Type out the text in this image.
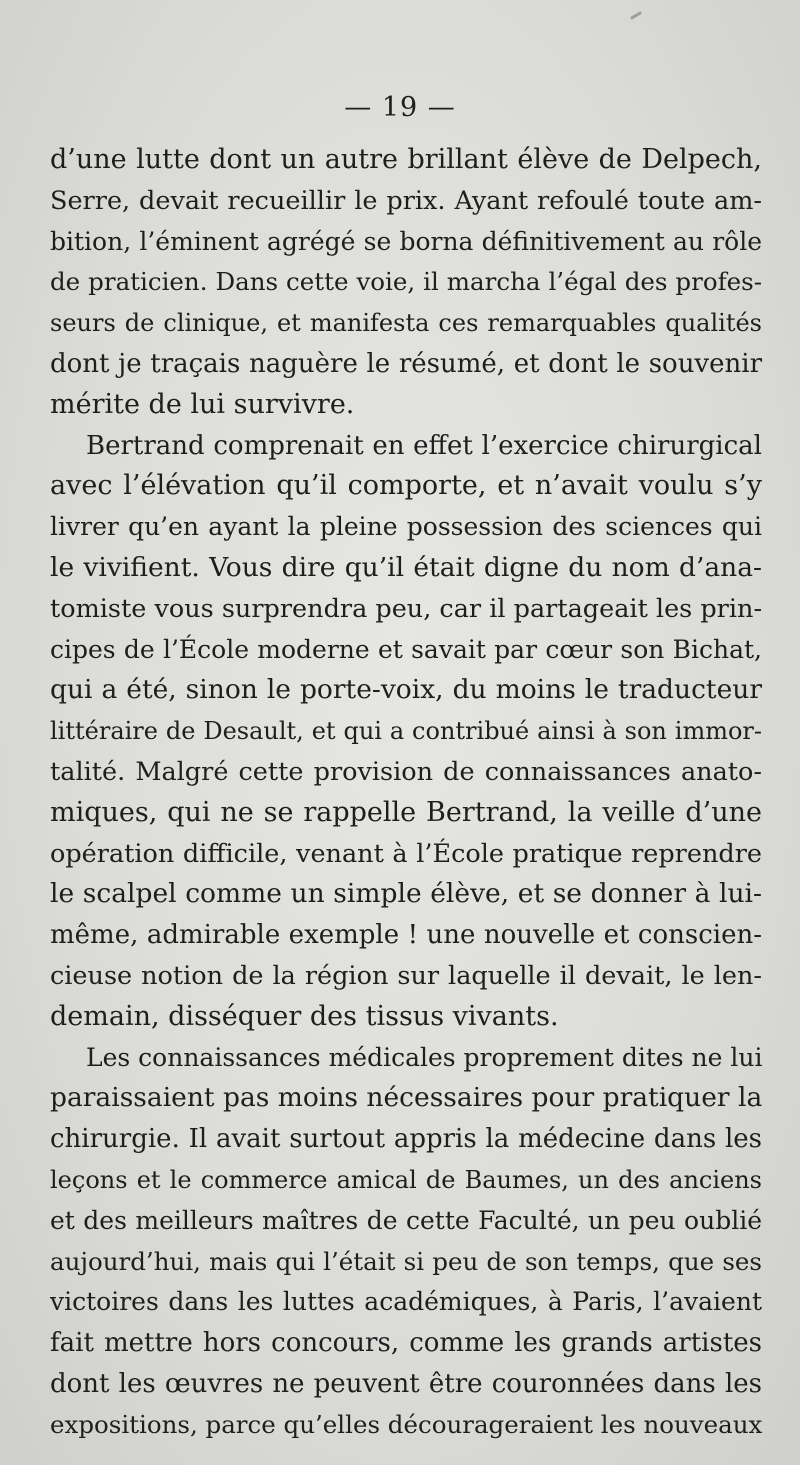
— 19 —
d’une lutte dont un autre brillant élève de Delpech,
Serre, devait recueillir le prix. Ayant refoulé toute am-
bition, l’éminent agrégé se borna définitivement au rôle
de praticien. Dans cette voie, il marcha l’égal des profes-
seurs de clinique, et manifesta ces remarquables qualités
dont je traçais naguère le résumé, et dont le souvenir
mérite de lui survivre.
Bertrand comprenait en effet l’exercice chirurgical
avec l’élévation qu’il comporte, et n’avait voulu s’y
livrer qu’en ayant la pleine possession des sciences qui
le vivifient. Vous dire qu’il était digne du nom d’ana-
tomiste vous surprendra peu, car il partageait les prin-
cipes de l’École moderne et savait par cœur son Bichat,
qui a été, sinon le porte-voix, du moins le traducteur
littéraire de Desault, et qui a contribué ainsi à son immor-
talité. Malgré cette provision de connaissances anato-
miques, qui ne se rappelle Bertrand, la veille d’une
opération difficile, venant à l’École pratique reprendre
le scalpel comme un simple élève, et se donner à lui-
même, admirable exemple ! une nouvelle et conscien-
cieuse notion de la région sur laquelle il devait, le len-
demain, disséquer des tissus vivants.
Les connaissances médicales proprement dites ne lui
paraissaient pas moins nécessaires pour pratiquer la
chirurgie. Il avait surtout appris la médecine dans les
leçons et le commerce amical de Baumes, un des anciens
et des meilleurs maîtres de cette Faculté, un peu oublié
aujourd’hui, mais qui l’était si peu de son temps, que ses
victoires dans les luttes académiques, à Paris, l’avaient
fait mettre hors concours, comme les grands artistes
dont les œuvres ne peuvent être couronnées dans les
expositions, parce qu’elles décourageraient les nouveaux
